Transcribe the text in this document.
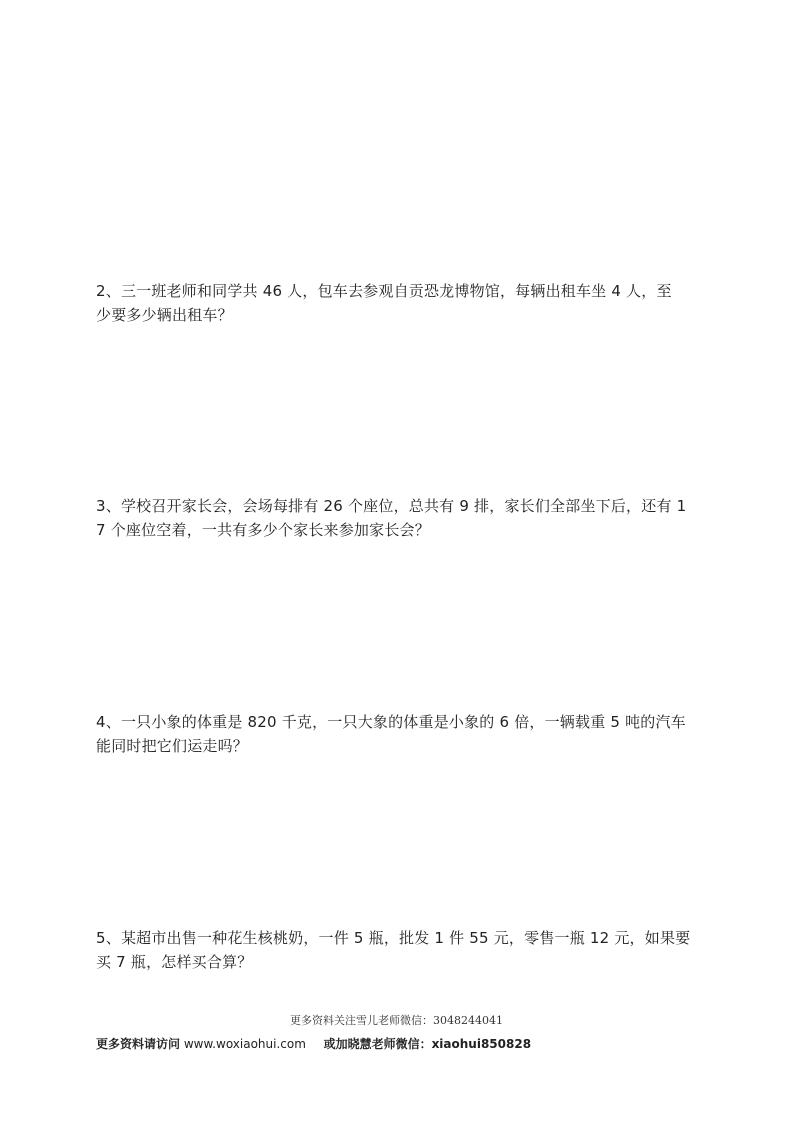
2、三一班老师和同学共 46 人，包车去参观自贡恐龙博物馆，每辆出租车坐 4 人，至

少要多少辆出租车？

3、学校召开家长会，会场每排有 26 个座位，总共有 9 排，家长们全部坐下后，还有 1

7 个座位空着，一共有多少个家长来参加家长会？

4、一只小象的体重是 820 千克，一只大象的体重是小象的 6 倍，一辆载重 5 吨的汽车

能同时把它们运走吗？

5、某超市出售一种花生核桃奶，一件 5 瓶，批发 1 件 55 元，零售一瓶 12 元，如果要

买 7 瓶，怎样买合算？

更多资料关注雪儿老师微信：3048244041
更多资料请访问 www.woxiaohui.com 或加晓慧老师微信：xiaohui850828
